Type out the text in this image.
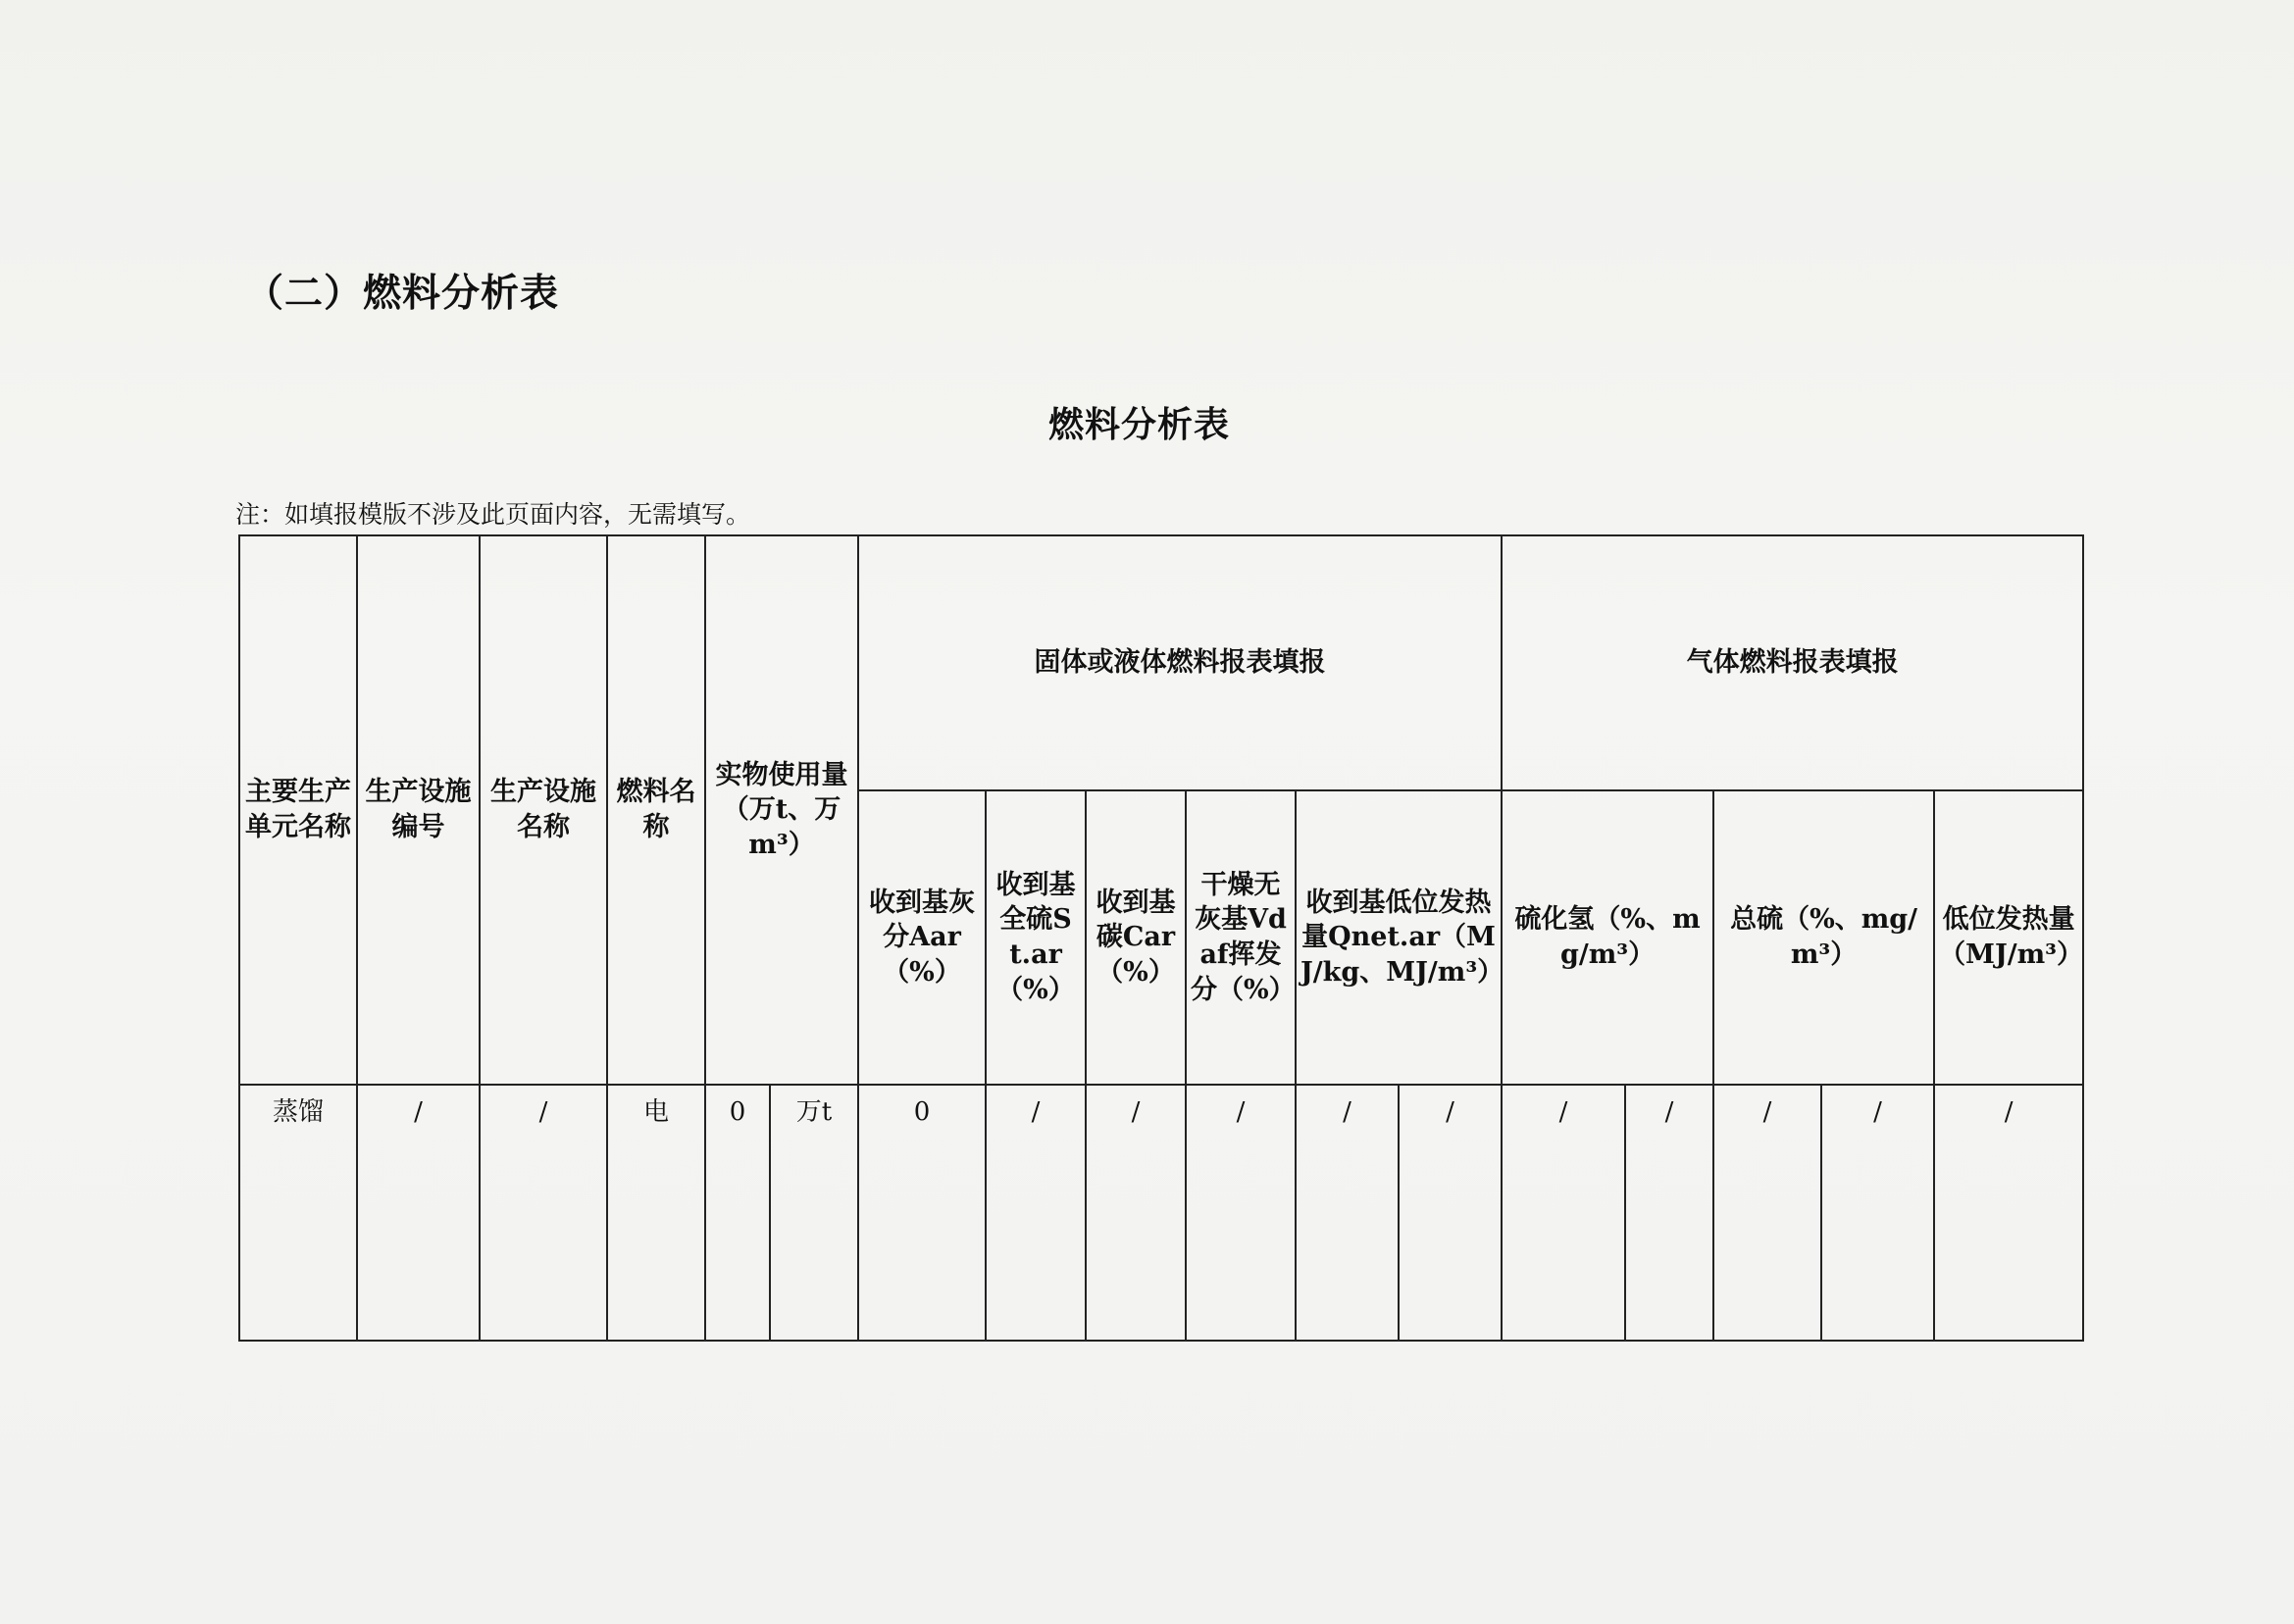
（二）燃料分析表
燃料分析表
注：如填报模版不涉及此页面内容，无需填写。
主要生产单元名称	生产设施编号	生产设施名称	燃料名称	实物使用量（万t、万m³）		固体或液体燃料报表填报						气体燃料报表填报				
						收到基灰分Aar（%）	收到基全硫St.ar（%）	收到基碳Car（%）	干燥无灰基Vdaf挥发分（%）	收到基低位发热量Qnet.ar（MJ/kg、MJ/m³）		硫化氢（%、mg/m³）		总硫（%、mg/m³）		低位发热量（MJ/m³）
蒸馏	/	/	电	0	万t	0	/	/	/	/	/	/	/	/	/	/
